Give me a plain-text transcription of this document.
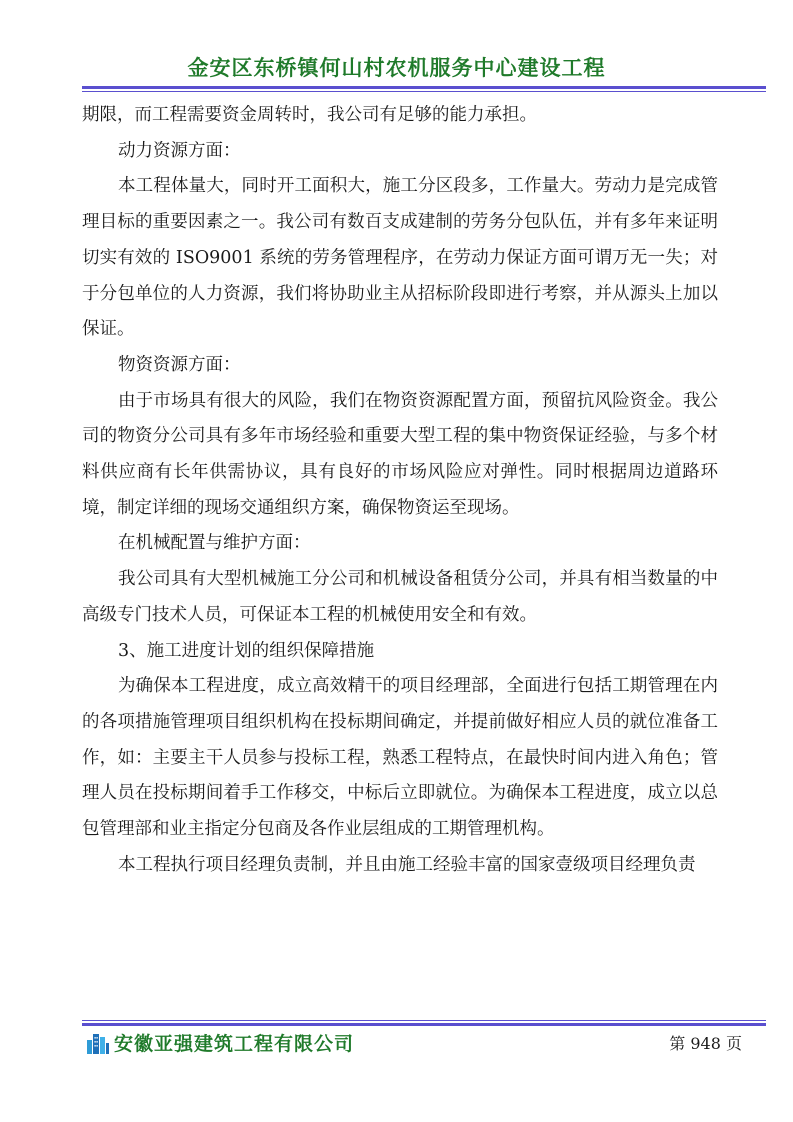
金安区东桥镇何山村农机服务中心建设工程

期限，而工程需要资金周转时，我公司有足够的能力承担。

动力资源方面：

本工程体量大，同时开工面积大，施工分区段多，工作量大。劳动力是完成管理目标的重要因素之一。我公司有数百支成建制的劳务分包队伍，并有多年来证明切实有效的 ISO9001 系统的劳务管理程序，在劳动力保证方面可谓万无一失；对于分包单位的人力资源，我们将协助业主从招标阶段即进行考察，并从源头上加以保证。

物资资源方面：

由于市场具有很大的风险，我们在物资资源配置方面，预留抗风险资金。我公司的物资分公司具有多年市场经验和重要大型工程的集中物资保证经验，与多个材料供应商有长年供需协议，具有良好的市场风险应对弹性。同时根据周边道路环境，制定详细的现场交通组织方案，确保物资运至现场。

在机械配置与维护方面：

我公司具有大型机械施工分公司和机械设备租赁分公司，并具有相当数量的中高级专门技术人员，可保证本工程的机械使用安全和有效。

3、施工进度计划的组织保障措施

为确保本工程进度，成立高效精干的项目经理部，全面进行包括工期管理在内的各项措施管理项目组织机构在投标期间确定，并提前做好相应人员的就位准备工作，如：主要主干人员参与投标工程，熟悉工程特点，在最快时间内进入角色；管理人员在投标期间着手工作移交，中标后立即就位。为确保本工程进度，成立以总包管理部和业主指定分包商及各作业层组成的工期管理机构。

本工程执行项目经理负责制，并且由施工经验丰富的国家壹级项目经理负责

安徽亚强建筑工程有限公司	第 948 页
